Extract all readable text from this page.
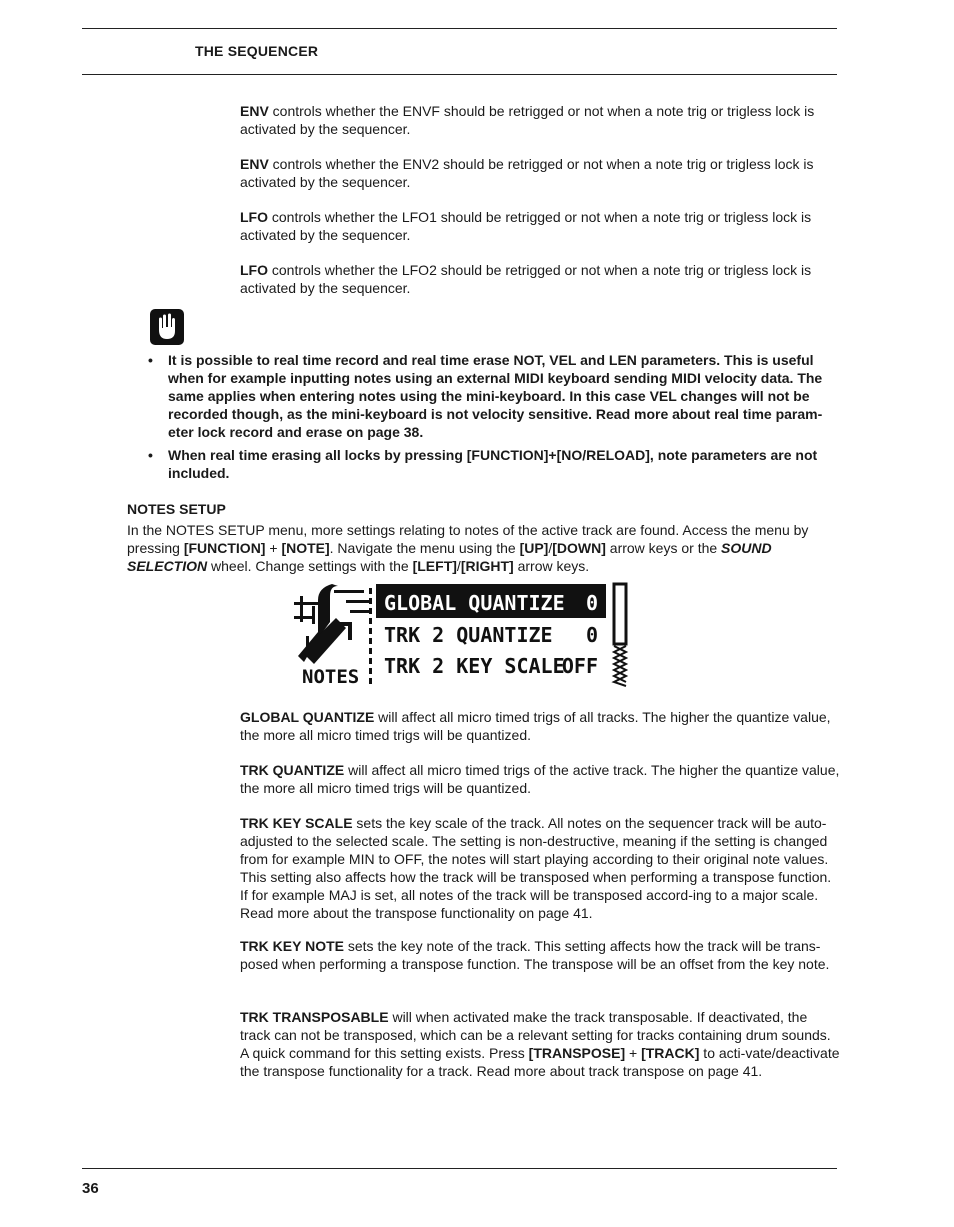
THE SEQUENCER
ENV controls whether the ENVF should be retrigged or not when a note trig or trigless lock is activated by the sequencer.
ENV controls whether the ENV2 should be retrigged or not when a note trig or trigless lock is activated by the sequencer.
LFO controls whether the LFO1 should be retrigged or not when a note trig or trigless lock is activated by the sequencer.
LFO controls whether the LFO2 should be retrigged or not when a note trig or trigless lock is activated by the sequencer.
• It is possible to real time record and real time erase NOT, VEL and LEN parameters. This is useful when for example inputting notes using an external MIDI keyboard sending MIDI velocity data. The same applies when entering notes using the mini-keyboard. In this case VEL changes will not be recorded though, as the mini-keyboard is not velocity sensitive. Read more about real time param-eter lock record and erase on page 38.
• When real time erasing all locks by pressing [FUNCTION]+[NO/RELOAD], note parameters are not included.
NOTES SETUP
In the NOTES SETUP menu, more settings relating to notes of the active track are found. Access the menu by pressing [FUNCTION] + [NOTE]. Navigate the menu using the [UP]/[DOWN] arrow keys or the SOUND SELECTION wheel. Change settings with the [LEFT]/[RIGHT] arrow keys.
NOTES
GLOBAL QUANTIZE 0
TRK 2 QUANTIZE 0
TRK 2 KEY SCALE
OFF
GLOBAL QUANTIZE will affect all micro timed trigs of all tracks. The higher the quantize value, the more all micro timed trigs will be quantized.
TRK QUANTIZE will affect all micro timed trigs of the active track. The higher the quantize value, the more all micro timed trigs will be quantized.
TRK KEY SCALE sets the key scale of the track. All notes on the sequencer track will be auto-adjusted to the selected scale. The setting is non-destructive, meaning if the setting is changed from for example MIN to OFF, the notes will start playing according to their original note values. This setting also affects how the track will be transposed when performing a transpose function. If for example MAJ is set, all notes of the track will be transposed accord-ing to a major scale. Read more about the transpose functionality on page 41.
TRK KEY NOTE sets the key note of the track. This setting affects how the track will be trans-posed when performing a transpose function. The transpose will be an offset from the key note.
TRK TRANSPOSABLE will when activated make the track transposable. If deactivated, the track can not be transposed, which can be a relevant setting for tracks containing drum sounds. A quick command for this setting exists. Press [TRANSPOSE] + [TRACK] to acti-vate/deactivate the transpose functionality for a track. Read more about track transpose on page 41.
36
